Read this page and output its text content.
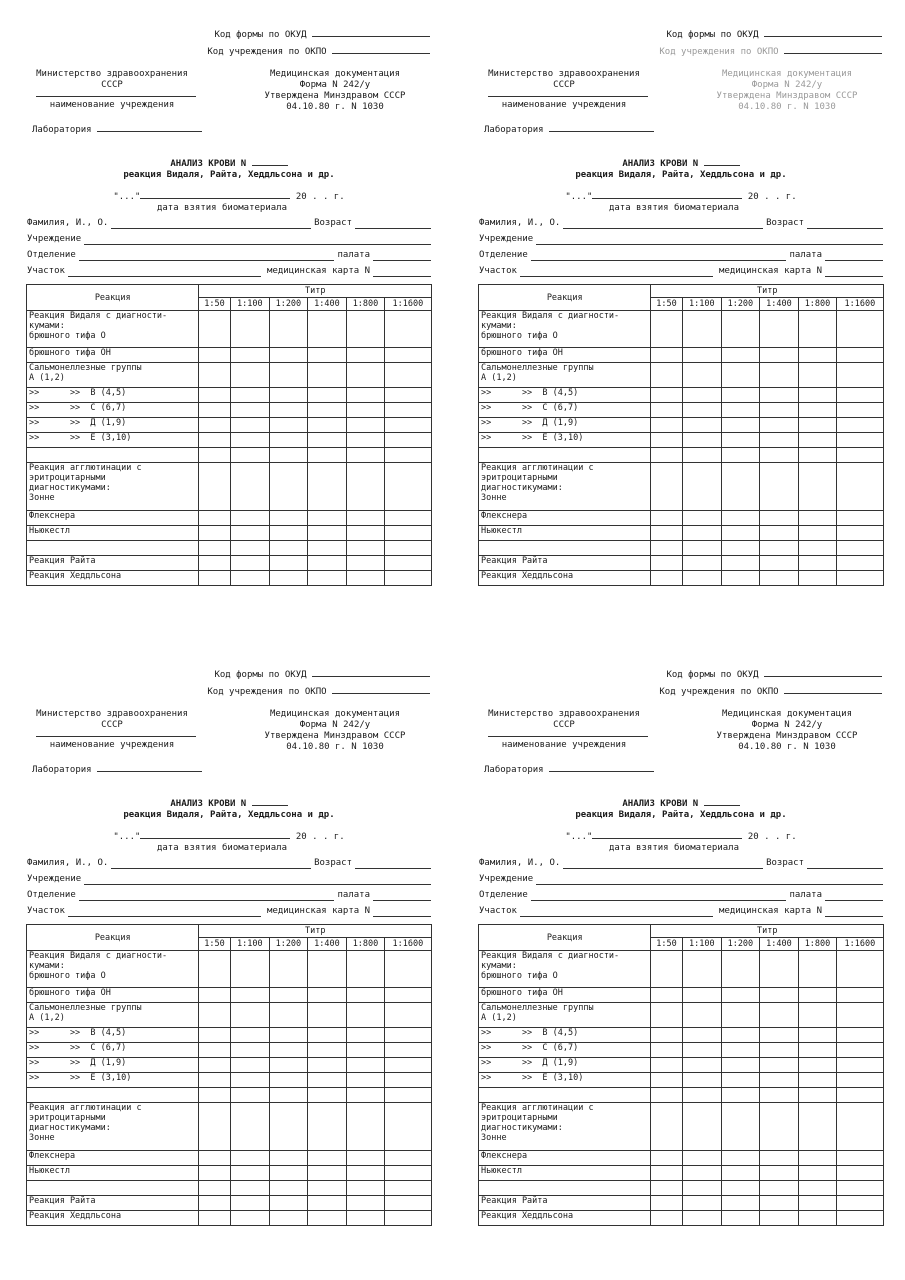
Код формы по ОКУД
Код учреждения по ОКПО
Министерство здравоохранения
СССР
наименование учреждения
Медицинская документация
Форма N 242/у
Утверждена Минздравом СССР
04.10.80 г. N 1030
Лаборатория
АНАЛИЗ КРОВИ N
реакция Видаля, Райта, Хеддльсона и др.
"..."	20 . . г.
дата взятия биоматериала
Фамилия, И., О.	Возраст
Учреждение
Отделение	палата
Участок	медицинская карта N
Реакция	Титр					
	1:50	1:100	1:200	1:400	1:800	1:1600

Реакция Видаля с диагности-
кумами:
брюшного тифа О						

брюшного тифа ОН						

Сальмонеллезные группы
А (1,2)						

>>      >>  В (4,5)						

>>      >>  С (6,7)						

>>      >>  Д (1,9)						

>>      >>  Е (3,10)						

Реакция агглютинации с
эритроцитарными
диагностикумами:
Зонне						

Флекснера						

Ньюкестл						

Реакция Райта						

Реакция Хеддльсона						

Код формы по ОКУД
Код учреждения по ОКПО
Министерство здравоохранения
СССР
наименование учреждения
Медицинская документация
Форма N 242/у
Утверждена Минздравом СССР
04.10.80 г. N 1030
Лаборатория
АНАЛИЗ КРОВИ N
реакция Видаля, Райта, Хеддльсона и др.
"..."	20 . . г.
дата взятия биоматериала
Фамилия, И., О.	Возраст
Учреждение
Отделение	палата
Участок	медицинская карта N
Реакция	Титр					
	1:50	1:100	1:200	1:400	1:800	1:1600

Реакция Видаля с диагности-
кумами:
брюшного тифа О						

брюшного тифа ОН						

Сальмонеллезные группы
А (1,2)						

>>      >>  В (4,5)						

>>      >>  С (6,7)						

>>      >>  Д (1,9)						

>>      >>  Е (3,10)						

Реакция агглютинации с
эритроцитарными
диагностикумами:
Зонне						

Флекснера						

Ньюкестл						

Реакция Райта						

Реакция Хеддльсона						

Код формы по ОКУД
Код учреждения по ОКПО
Министерство здравоохранения
СССР
наименование учреждения
Медицинская документация
Форма N 242/у
Утверждена Минздравом СССР
04.10.80 г. N 1030
Лаборатория
АНАЛИЗ КРОВИ N
реакция Видаля, Райта, Хеддльсона и др.
"..."	20 . . г.
дата взятия биоматериала
Фамилия, И., О.	Возраст
Учреждение
Отделение	палата
Участок	медицинская карта N
Реакция	Титр					
	1:50	1:100	1:200	1:400	1:800	1:1600

Реакция Видаля с диагности-
кумами:
брюшного тифа О						

брюшного тифа ОН						

Сальмонеллезные группы
А (1,2)						

>>      >>  В (4,5)						

>>      >>  С (6,7)						

>>      >>  Д (1,9)						

>>      >>  Е (3,10)						

Реакция агглютинации с
эритроцитарными
диагностикумами:
Зонне						

Флекснера						

Ньюкестл						

Реакция Райта						

Реакция Хеддльсона						

Код формы по ОКУД
Код учреждения по ОКПО
Министерство здравоохранения
СССР
наименование учреждения
Медицинская документация
Форма N 242/у
Утверждена Минздравом СССР
04.10.80 г. N 1030
Лаборатория
АНАЛИЗ КРОВИ N
реакция Видаля, Райта, Хеддльсона и др.
"..."	20 . . г.
дата взятия биоматериала
Фамилия, И., О.	Возраст
Учреждение
Отделение	палата
Участок	медицинская карта N
Реакция	Титр					
	1:50	1:100	1:200	1:400	1:800	1:1600

Реакция Видаля с диагности-
кумами:
брюшного тифа О						

брюшного тифа ОН						

Сальмонеллезные группы
А (1,2)						

>>      >>  В (4,5)						

>>      >>  С (6,7)						

>>      >>  Д (1,9)						

>>      >>  Е (3,10)						

Реакция агглютинации с
эритроцитарными
диагностикумами:
Зонне						

Флекснера						

Ньюкестл						

Реакция Райта						

Реакция Хеддльсона						
